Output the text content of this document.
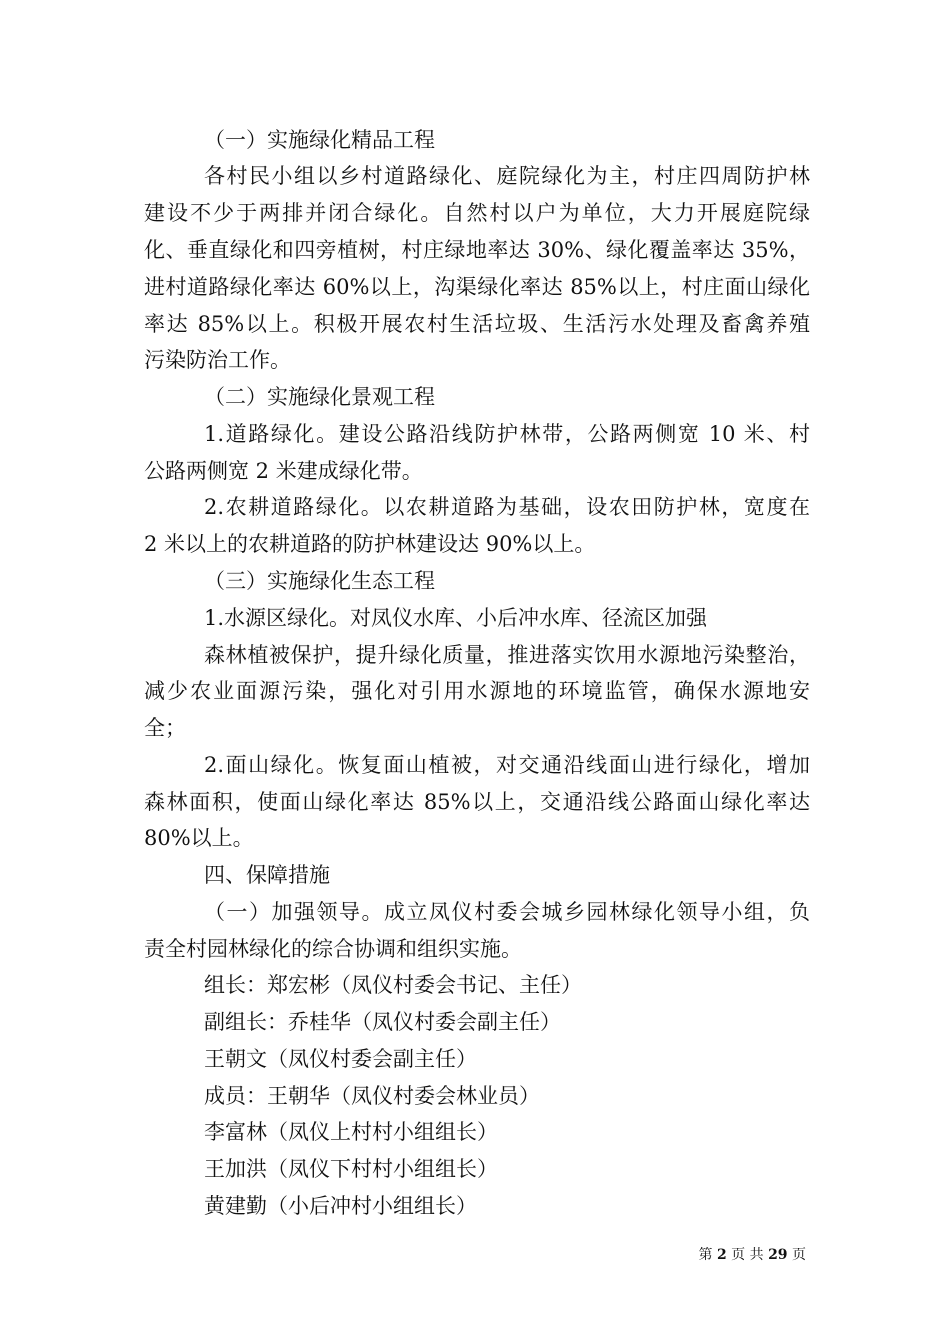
（一）实施绿化精品工程

各村民小组以乡村道路绿化、庭院绿化为主，村庄四周防护林

建设不少于两排并闭合绿化。自然村以户为单位，大力开展庭院绿

化、垂直绿化和四旁植树，村庄绿地率达 30%、绿化覆盖率达 35%，

进村道路绿化率达 60%以上，沟渠绿化率达 85%以上，村庄面山绿化

率达 85%以上。积极开展农村生活垃圾、生活污水处理及畜禽养殖

污染防治工作。

（二）实施绿化景观工程

1.道路绿化。建设公路沿线防护林带，公路两侧宽 10 米、村

公路两侧宽 2 米建成绿化带。

2.农耕道路绿化。以农耕道路为基础，设农田防护林，宽度在

2 米以上的农耕道路的防护林建设达 90%以上。

（三）实施绿化生态工程

1.水源区绿化。对凤仪水库、小后冲水库、径流区加强

森林植被保护，提升绿化质量，推进落实饮用水源地污染整治，

减少农业面源污染，强化对引用水源地的环境监管，确保水源地安

全；

2.面山绿化。恢复面山植被，对交通沿线面山进行绿化，增加

森林面积，使面山绿化率达 85%以上，交通沿线公路面山绿化率达

80%以上。

四、保障措施

（一）加强领导。成立凤仪村委会城乡园林绿化领导小组，负

责全村园林绿化的综合协调和组织实施。

组长：郑宏彬（凤仪村委会书记、主任）

副组长：乔桂华（凤仪村委会副主任）

王朝文（凤仪村委会副主任）

成员：王朝华（凤仪村委会林业员）

李富林（凤仪上村村小组组长）

王加洪（凤仪下村村小组组长）

黄建勤（小后冲村小组组长）

第 2 页 共 29 页
